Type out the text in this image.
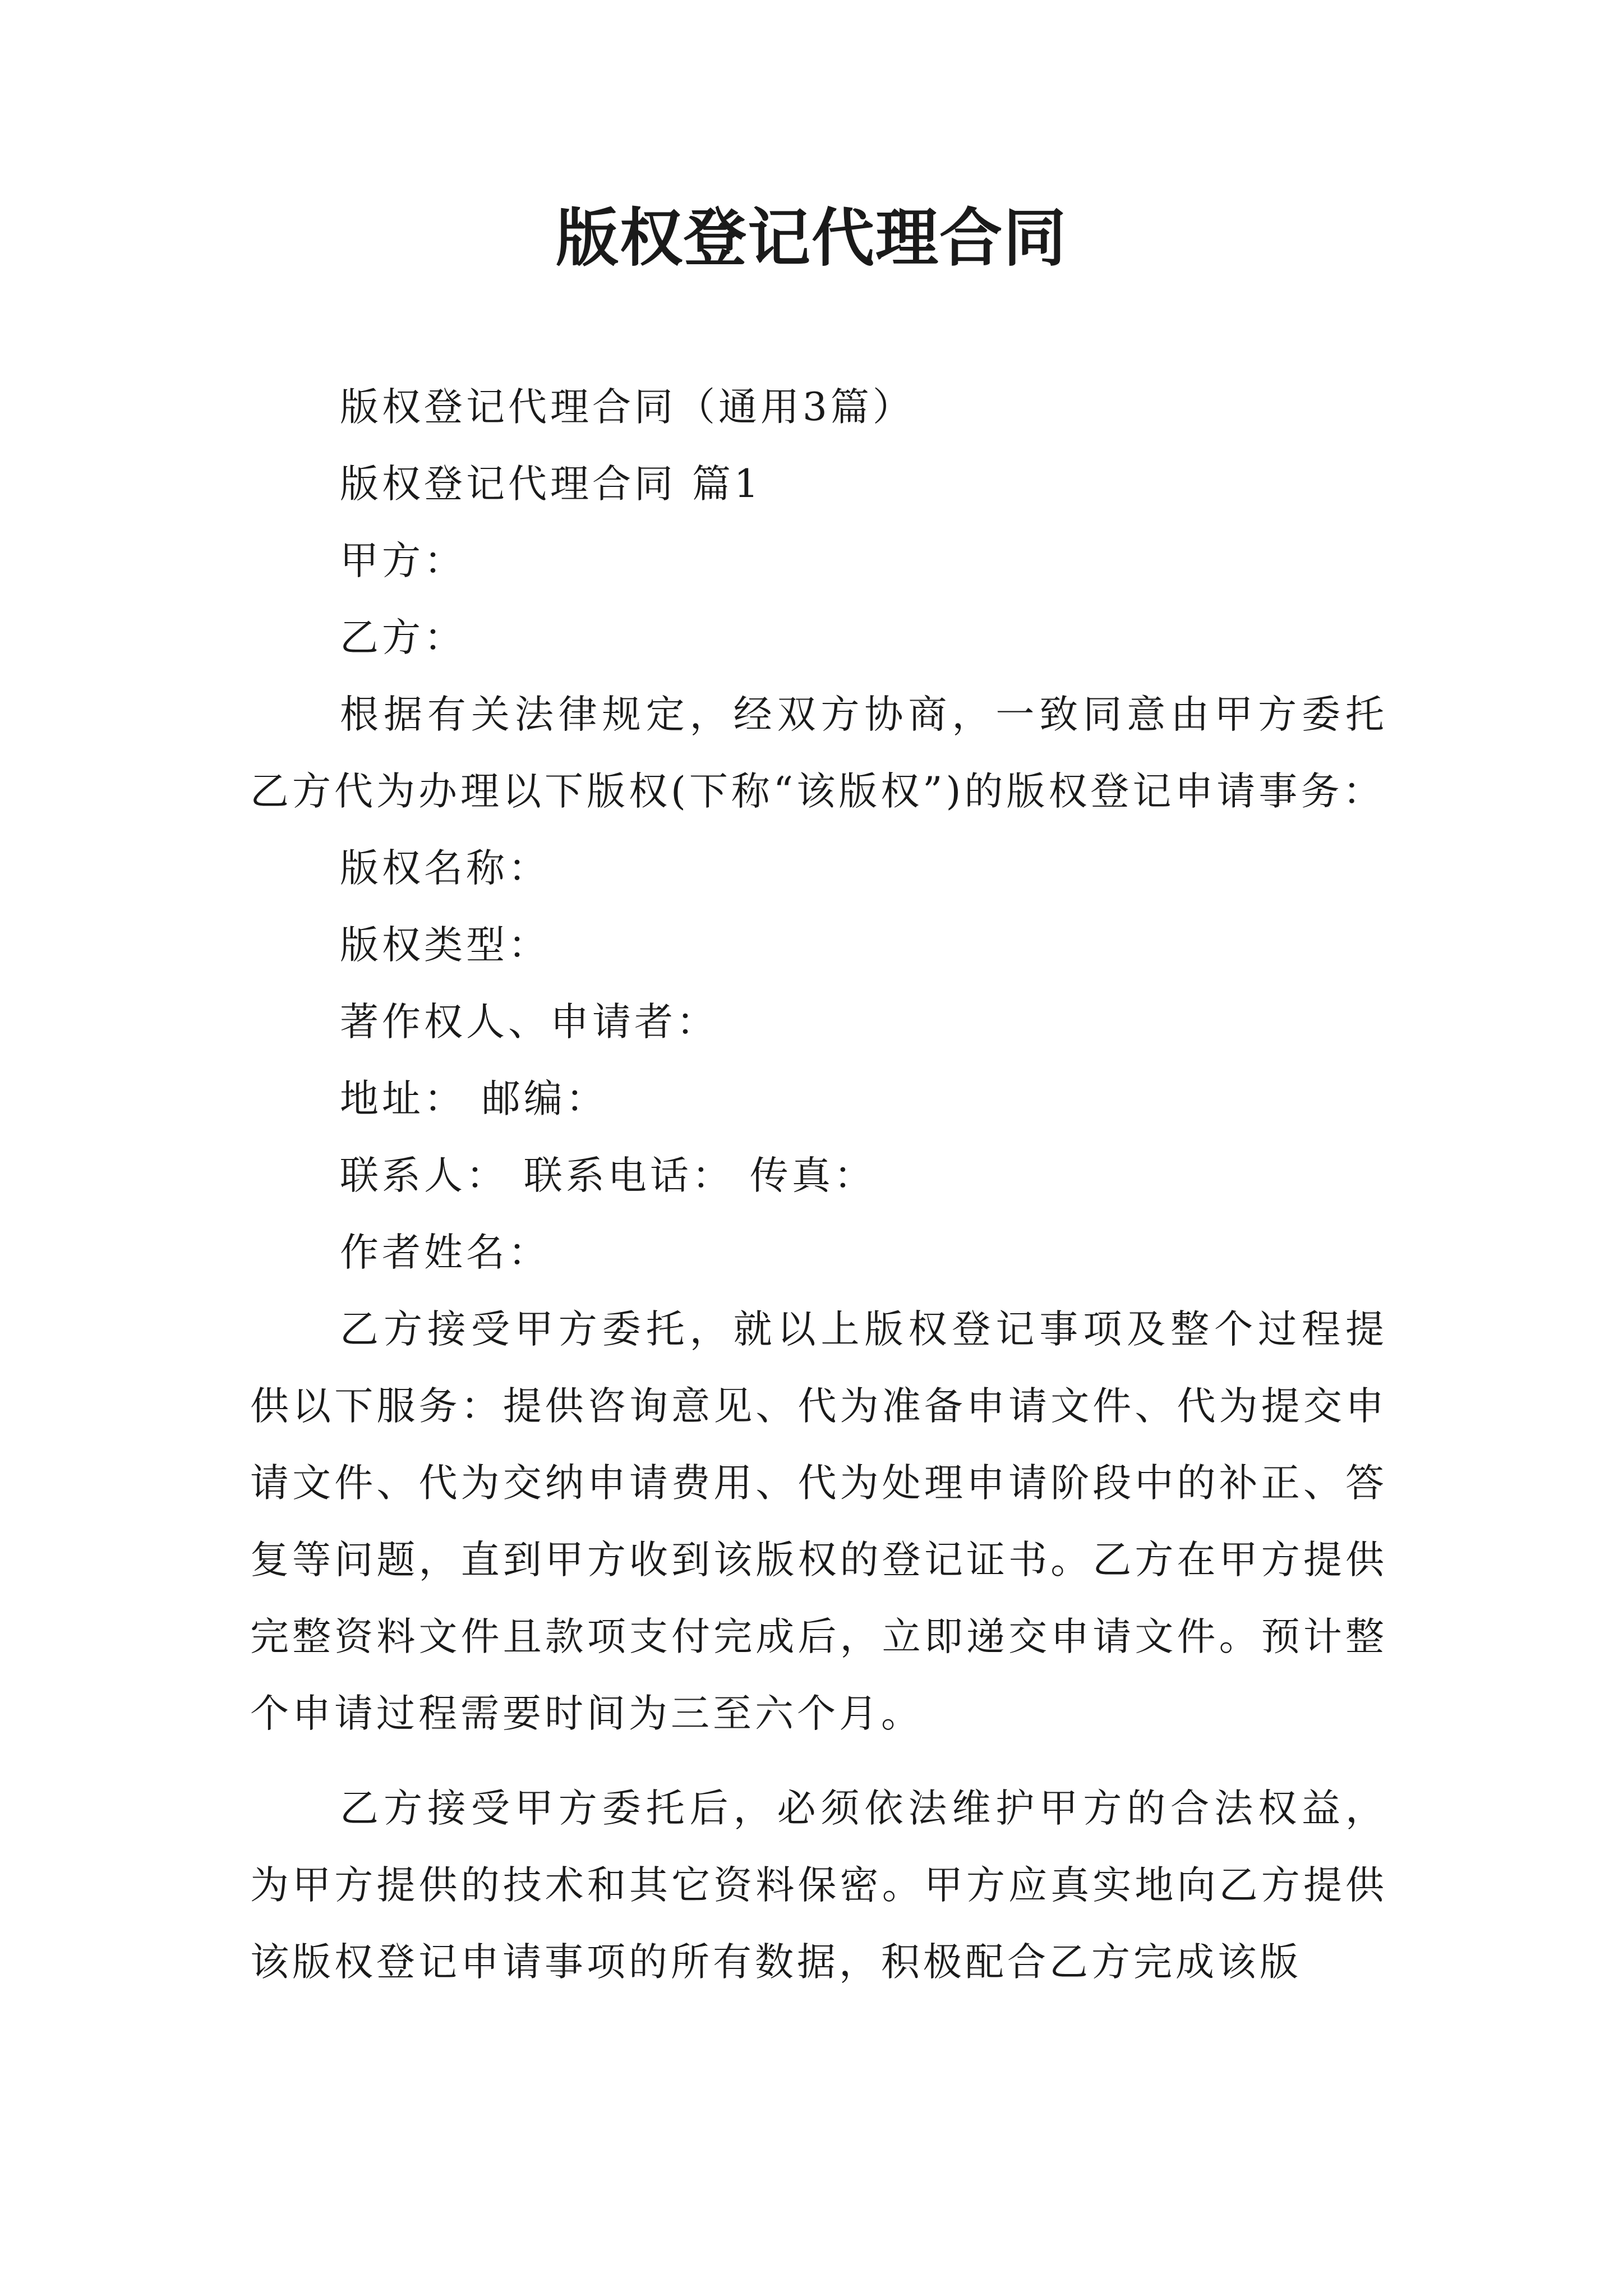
版权登记代理合同

版权登记代理合同（通用3篇）

版权登记代理合同 篇1

甲方：

乙方：

根据有关法律规定，经双方协商，一致同意由甲方委托乙方代为办理以下版权(下称“该版权”)的版权登记申请事务：

版权名称：

版权类型：

著作权人、申请者：

地址： 邮编：

联系人： 联系电话： 传真：

作者姓名：

乙方接受甲方委托，就以上版权登记事项及整个过程提供以下服务：提供咨询意见、代为准备申请文件、代为提交申请文件、代为交纳申请费用、代为处理申请阶段中的补正、答复等问题，直到甲方收到该版权的登记证书。乙方在甲方提供完整资料文件且款项支付完成后，立即递交申请文件。预计整个申请过程需要时间为三至六个月。

乙方接受甲方委托后，必须依法维护甲方的合法权益，为甲方提供的技术和其它资料保密。甲方应真实地向乙方提供该版权登记申请事项的所有数据，积极配合乙方完成该版
